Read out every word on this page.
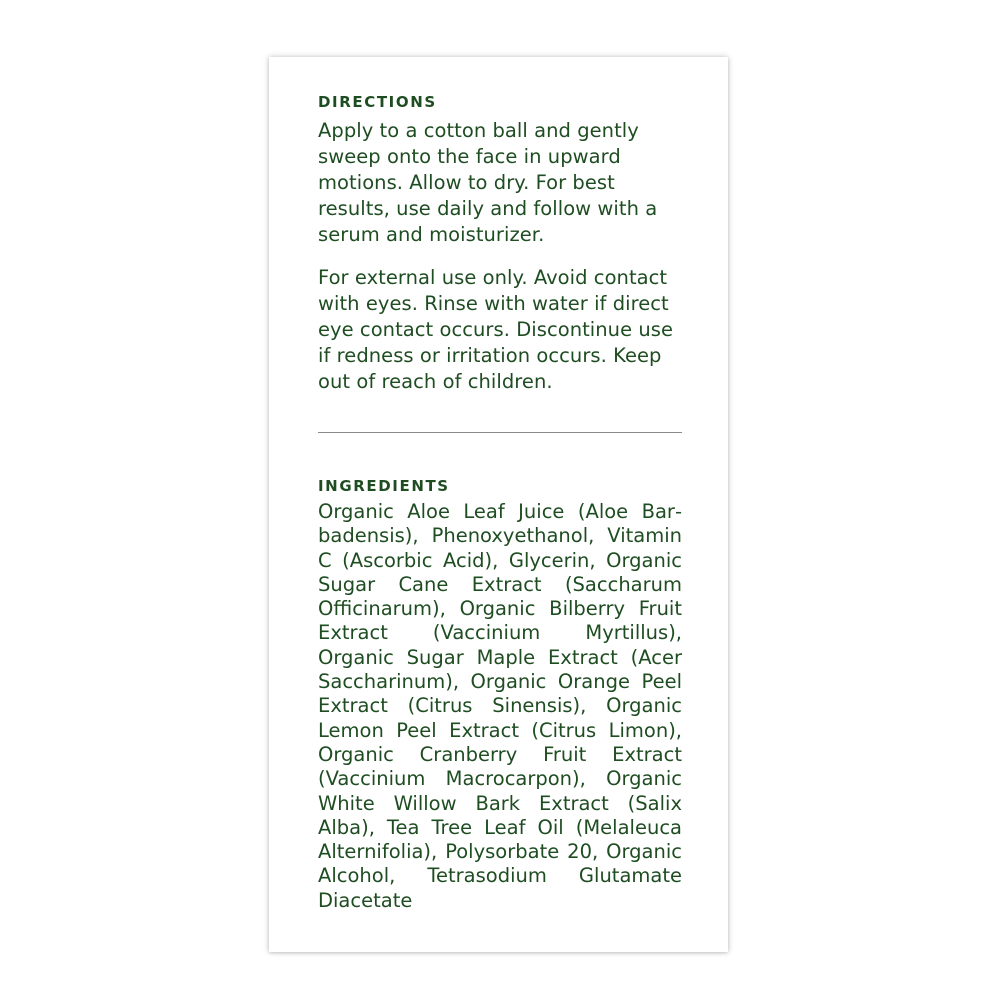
DIRECTIONS

Apply to a cotton ball and gently sweep onto the face in upward motions. Allow to dry. For best results, use daily and follow with a serum and moisturizer.

For external use only. Avoid contact with eyes. Rinse with water if direct eye contact occurs. Discontinue use if redness or irritation occurs. Keep out of reach of children.

INGREDIENTS

Organic Aloe Leaf Juice (Aloe Barbadensis), Phenoxyethanol, Vitamin C (Ascorbic Acid), Glycerin, Organic Sugar Cane Extract (Saccharum Officinarum), Organic Bilberry Fruit Extract (Vaccinium Myrtillus), Organic Sugar Maple Extract (Acer Saccharinum), Organic Orange Peel Extract (Citrus Sinensis), Organic Lemon Peel Extract (Citrus Limon), Organic Cranberry Fruit Extract (Vaccinium Macrocarpon), Organic White Willow Bark Extract (Salix Alba), Tea Tree Leaf Oil (Melaleuca Alternifolia), Polysorbate 20, Organic Alcohol, Tetrasodium Glutamate Diacetate
